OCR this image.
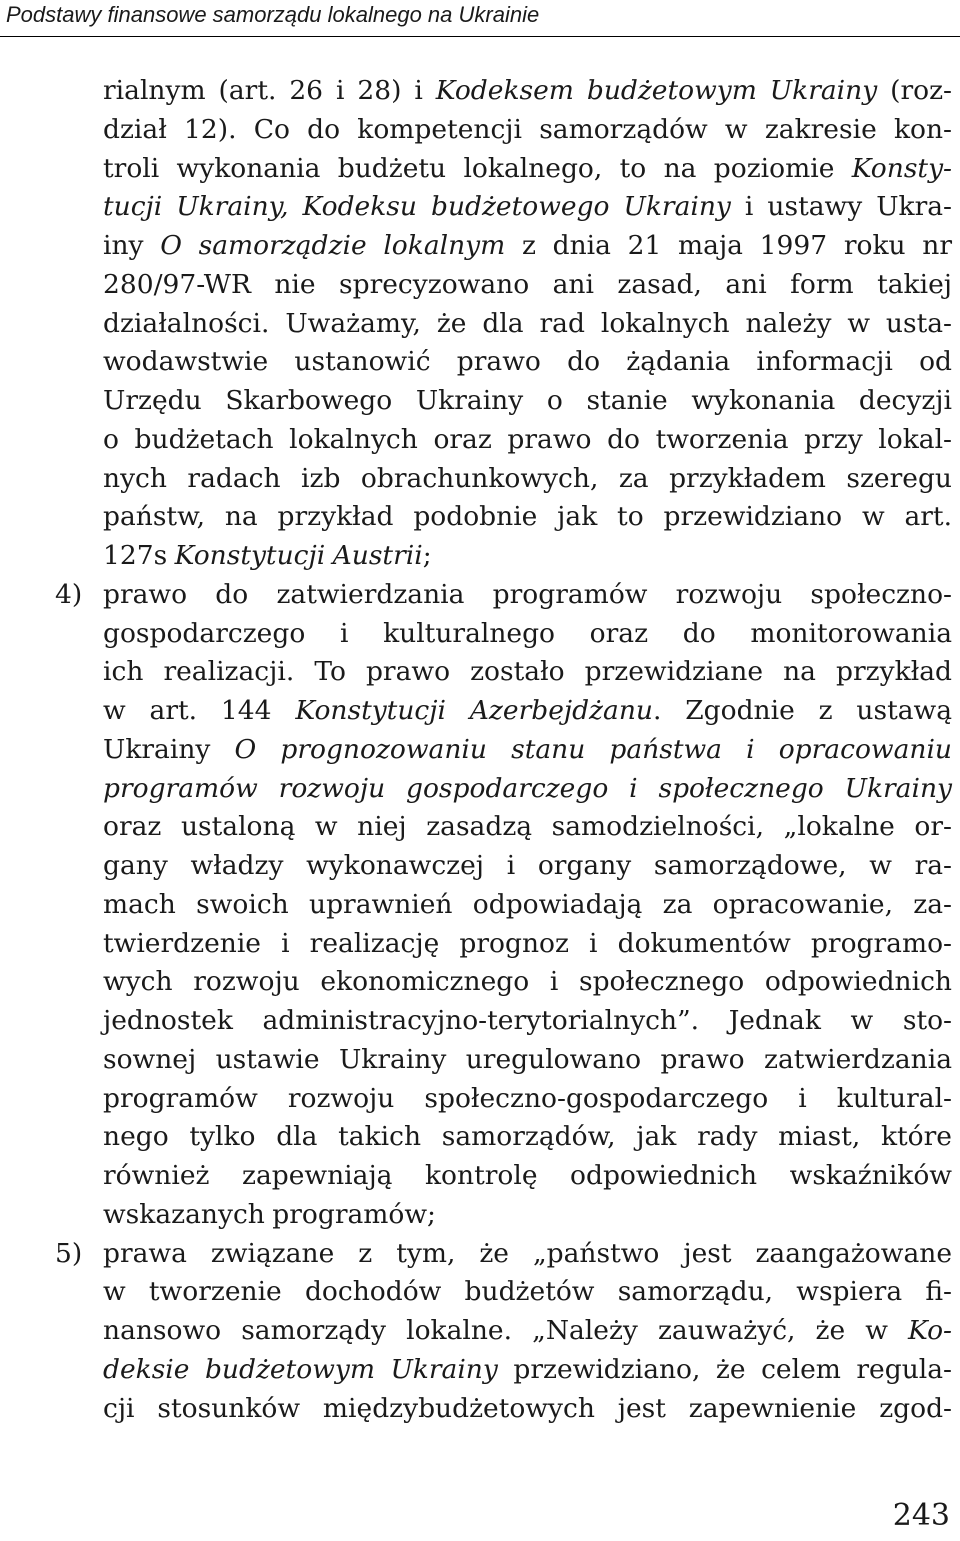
Podstawy finansowe samorządu lokalnego na Ukrainie
rialnym (art. 26 i 28) i Kodeksem budżetowym Ukrainy (roz-
dział 12). Co do kompetencji samorządów w zakresie kon-
troli wykonania budżetu lokalnego, to na poziomie Konsty-
tucji Ukrainy, Kodeksu budżetowego Ukrainy i ustawy Ukra-
iny O samorządzie lokalnym z dnia 21 maja 1997 roku nr
280/97-WR nie sprecyzowano ani zasad, ani form takiej
działalności. Uważamy, że dla rad lokalnych należy w usta-
wodawstwie ustanowić prawo do żądania informacji od
Urzędu Skarbowego Ukrainy o stanie wykonania decyzji
o budżetach lokalnych oraz prawo do tworzenia przy lokal-
nych radach izb obrachunkowych, za przykładem szeregu
państw, na przykład podobnie jak to przewidziano w art.
127s Konstytucji Austrii;
prawo do zatwierdzania programów rozwoju społeczno-
4)
gospodarczego i kulturalnego oraz do monitorowania
ich realizacji. To prawo zostało przewidziane na przykład
w art. 144 Konstytucji Azerbejdżanu. Zgodnie z ustawą
Ukrainy O prognozowaniu stanu państwa i opracowaniu
programów rozwoju gospodarczego i społecznego Ukrainy
oraz ustaloną w niej zasadzą samodzielności, „lokalne or-
gany władzy wykonawczej i organy samorządowe, w ra-
mach swoich uprawnień odpowiadają za opracowanie, za-
twierdzenie i realizację prognoz i dokumentów programo-
wych rozwoju ekonomicznego i społecznego odpowiednich
jednostek administracyjno-terytorialnych”. Jednak w sto-
sownej ustawie Ukrainy uregulowano prawo zatwierdzania
programów rozwoju społeczno-gospodarczego i kultural-
nego tylko dla takich samorządów, jak rady miast, które
również zapewniają kontrolę odpowiednich wskaźników
wskazanych programów;
prawa związane z tym, że „państwo jest zaangażowane
5)
w tworzenie dochodów budżetów samorządu, wspiera fi-
nansowo samorządy lokalne. „Należy zauważyć, że w Ko-
deksie budżetowym Ukrainy przewidziano, że celem regula-
cji stosunków międzybudżetowych jest zapewnienie zgod-
243
